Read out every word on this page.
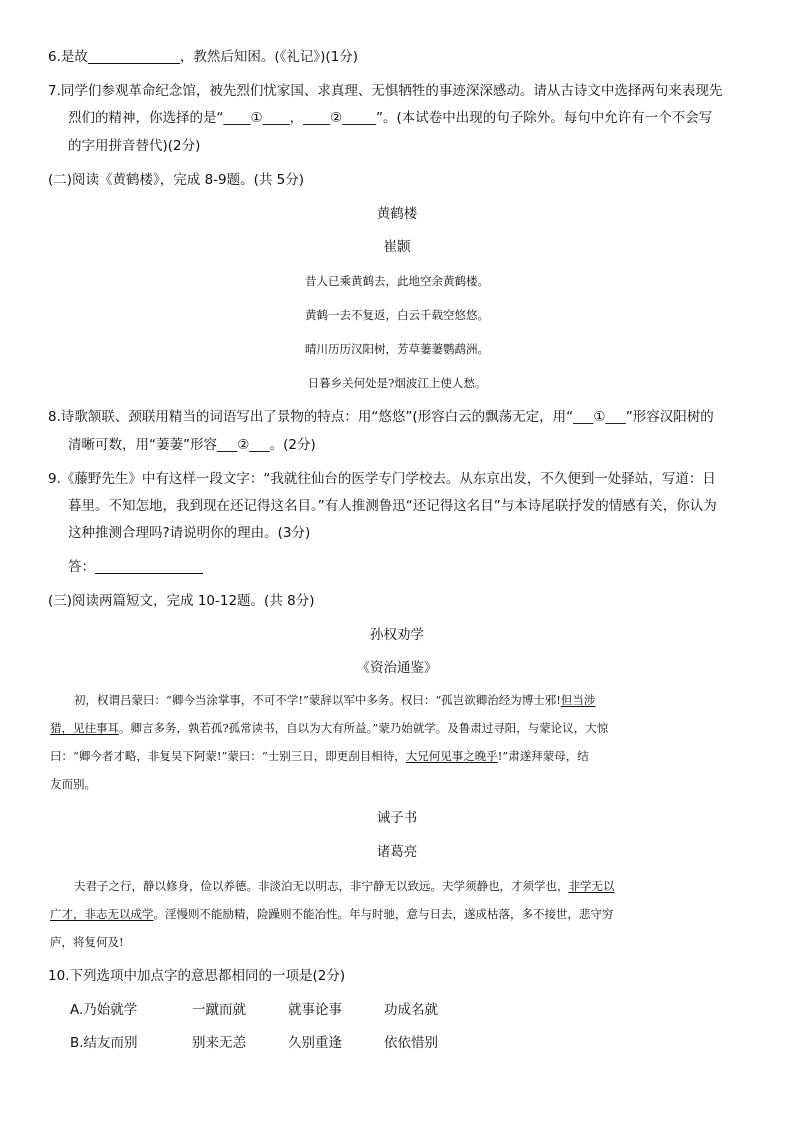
6.是故	，教然后知困。(《礼记》)(1分)
7.同学们参观革命纪念馆，被先烈们忧家国、求真理、无惧牺牲的事迹深深感动。请从古诗文中选择两句来表现先
烈们的精神，你选择的是“____①____，____②_____”。(本试卷中出现的句子除外。每句中允许有一个不会写
的字用拼音替代)(2分)
(二)阅读《黄鹤楼》，完成 8-9题。(共 5分)
黄鹤楼
崔颢
昔人已乘黄鹤去，此地空余黄鹤楼。
黄鹤一去不复返，白云千载空悠悠。
晴川历历汉阳树，芳草萋萋鹦鹉洲。
日暮乡关何处是?烟波江上使人愁。
8.诗歌颔联、颈联用精当的词语写出了景物的特点：用“悠悠”(形容白云的飘荡无定，用“___①___”形容汉阳树的
清晰可数，用“萋萋”形容___②___。(2分)
9.《藤野先生》中有这样一段文字：“我就往仙台的医学专门学校去。从东京出发，不久便到一处驿站，写道：日
暮里。不知怎地，我到现在还记得这名目。”有人推测鲁迅“还记得这名目”与本诗尾联抒发的情感有关，你认为
这种推测合理吗?请说明你的理由。(3分)
答：
(三)阅读两篇短文，完成 10-12题。(共 8分)
孙权劝学
《资治通鉴》
初，权谓吕蒙曰：“卿今当涂掌事，不可不学!”蒙辞以军中多务。权曰：“孤岂欲卿治经为博士邪!但当涉
猎，见往事耳。卿言多务，孰若孤?孤常读书，自以为大有所益。”蒙乃始就学。及鲁肃过寻阳，与蒙论议，大惊
曰：“卿今者才略，非复吴下阿蒙!”蒙曰：“士别三日，即更刮目相待，大兄何见事之晚乎!”肃遂拜蒙母，结
友而别。
诫子书
诸葛亮
夫君子之行，静以修身，俭以养德。非淡泊无以明志，非宁静无以致远。夫学须静也，才须学也，非学无以
广才，非志无以成学。淫慢则不能励精，险躁则不能冶性。年与时驰，意与日去，遂成枯落，多不接世，悲守穷
庐，将复何及!
10.下列选项中加点字的意思都相同的一项是(2分)
A.乃始就学	一蹴而就	就事论事	功成名就
B.结友而别	别来无恙	久别重逢	依依惜别
